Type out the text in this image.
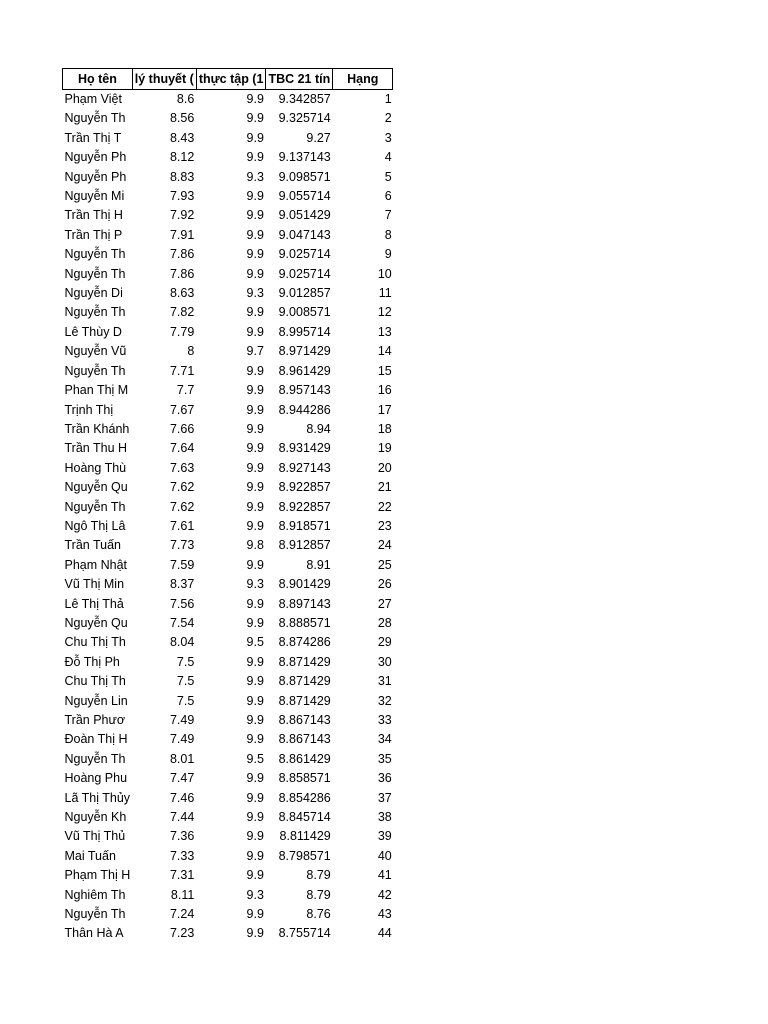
Họ tên	lý thuyết (	thực tập (1	TBC 21 tín	Hạng
Phạm Việt	8.6	9.9	9.342857	1
Nguyễn Th	8.56	9.9	9.325714	2
Trần Thị T	8.43	9.9	9.27	3
Nguyễn Ph	8.12	9.9	9.137143	4
Nguyễn Ph	8.83	9.3	9.098571	5
Nguyễn Mi	7.93	9.9	9.055714	6
Trần Thị H	7.92	9.9	9.051429	7
Trần Thị P	7.91	9.9	9.047143	8
Nguyễn Th	7.86	9.9	9.025714	9
Nguyễn Th	7.86	9.9	9.025714	10
Nguyễn Di	8.63	9.3	9.012857	11
Nguyễn Th	7.82	9.9	9.008571	12
Lê Thùy D	7.79	9.9	8.995714	13
Nguyễn Vũ	8	9.7	8.971429	14
Nguyễn Th	7.71	9.9	8.961429	15
Phan Thị M	7.7	9.9	8.957143	16
Trịnh Thị	7.67	9.9	8.944286	17
Trần Khánh	7.66	9.9	8.94	18
Trần Thu H	7.64	9.9	8.931429	19
Hoàng Thù	7.63	9.9	8.927143	20
Nguyễn Qu	7.62	9.9	8.922857	21
Nguyễn Th	7.62	9.9	8.922857	22
Ngô Thị Lâ	7.61	9.9	8.918571	23
Trần Tuấn	7.73	9.8	8.912857	24
Phạm Nhật	7.59	9.9	8.91	25
Vũ Thị Min	8.37	9.3	8.901429	26
Lê Thị Thả	7.56	9.9	8.897143	27
Nguyễn Qu	7.54	9.9	8.888571	28
Chu Thị Th	8.04	9.5	8.874286	29
Đỗ Thị Ph	7.5	9.9	8.871429	30
Chu Thị Th	7.5	9.9	8.871429	31
Nguyễn Lin	7.5	9.9	8.871429	32
Trần Phươ	7.49	9.9	8.867143	33
Đoàn Thị H	7.49	9.9	8.867143	34
Nguyễn Th	8.01	9.5	8.861429	35
Hoàng Phu	7.47	9.9	8.858571	36
Lã Thị Thủy	7.46	9.9	8.854286	37
Nguyễn Kh	7.44	9.9	8.845714	38
Vũ Thị Thủ	7.36	9.9	8.811429	39
Mai Tuấn	7.33	9.9	8.798571	40
Phạm Thị H	7.31	9.9	8.79	41
Nghiêm Th	8.11	9.3	8.79	42
Nguyễn Th	7.24	9.9	8.76	43
Thân Hà A	7.23	9.9	8.755714	44
